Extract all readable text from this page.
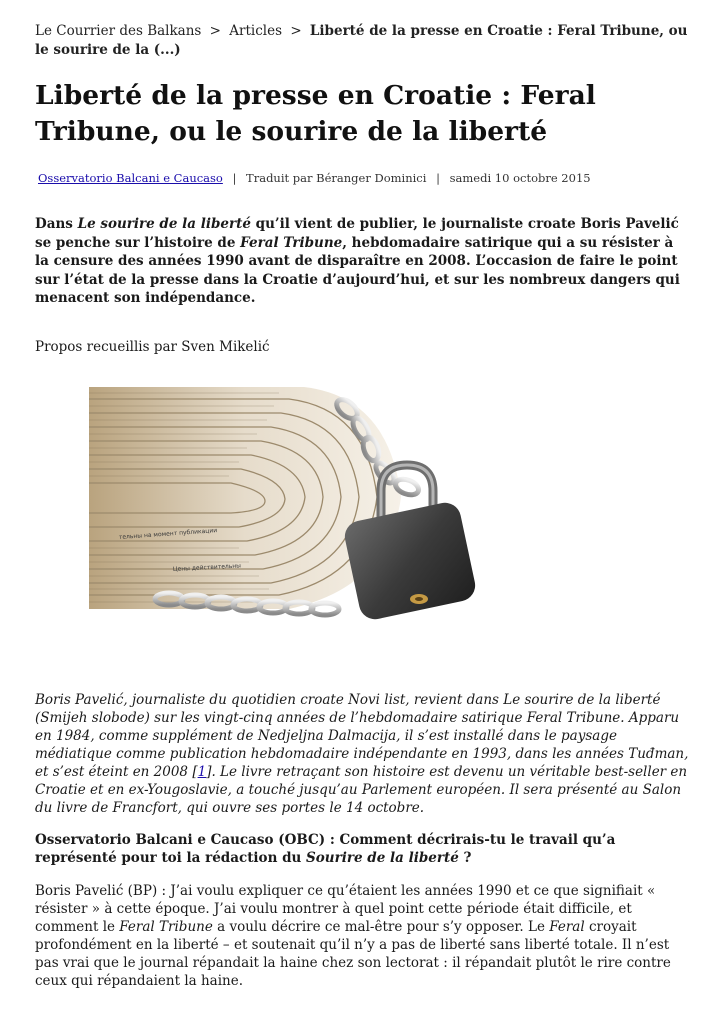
Le Courrier des Balkans > Articles > Liberté de la presse en Croatie : Feral Tribune, ou le sourire de la (...)
Liberté de la presse en Croatie : Feral Tribune, ou le sourire de la liberté
Osservatorio Balcani e Caucaso | Traduit par Béranger Dominici | samedi 10 octobre 2015

Dans Le sourire de la liberté qu’il vient de publier, le journaliste croate Boris Pavelić se penche sur l’histoire de Feral Tribune, hebdomadaire satirique qui a su résister à la censure des années 1990 avant de disparaître en 2008. L’occasion de faire le point sur l’état de la presse dans la Croatie d’aujourd’hui, et sur les nombreux dangers qui menacent son indépendance.

Propos recueillis par Sven Mikelić

тельны на момент публикации
Цены действительны

Boris Pavelić, journaliste du quotidien croate Novi list, revient dans Le sourire de la liberté (Smijeh slobode) sur les vingt-cinq années de l’hebdomadaire satirique Feral Tribune. Apparu en 1984, comme supplément de Nedjeljna Dalmacija, il s’est installé dans le paysage médiatique comme publication hebdomadaire indépendante en 1993, dans les années Tuđman, et s’est éteint en 2008 [1]. Le livre retraçant son histoire est devenu un véritable best-seller en Croatie et en ex-Yougoslavie, a touché jusqu’au Parlement européen. Il sera présenté au Salon du livre de Francfort, qui ouvre ses portes le 14 octobre.

Osservatorio Balcani e Caucaso (OBC) : Comment décrirais-tu le travail qu’a représenté pour toi la rédaction du Sourire de la liberté ?

Boris Pavelić (BP) : J’ai voulu expliquer ce qu’étaient les années 1990 et ce que signifiait « résister » à cette époque. J’ai voulu montrer à quel point cette période était difficile, et comment le Feral Tribune a voulu décrire ce mal-être pour s’y opposer. Le Feral croyait profondément en la liberté – et soutenait qu’il n’y a pas de liberté sans liberté totale. Il n’est pas vrai que le journal répandait la haine chez son lectorat : il répandait plutôt le rire contre ceux qui répandaient la haine.
